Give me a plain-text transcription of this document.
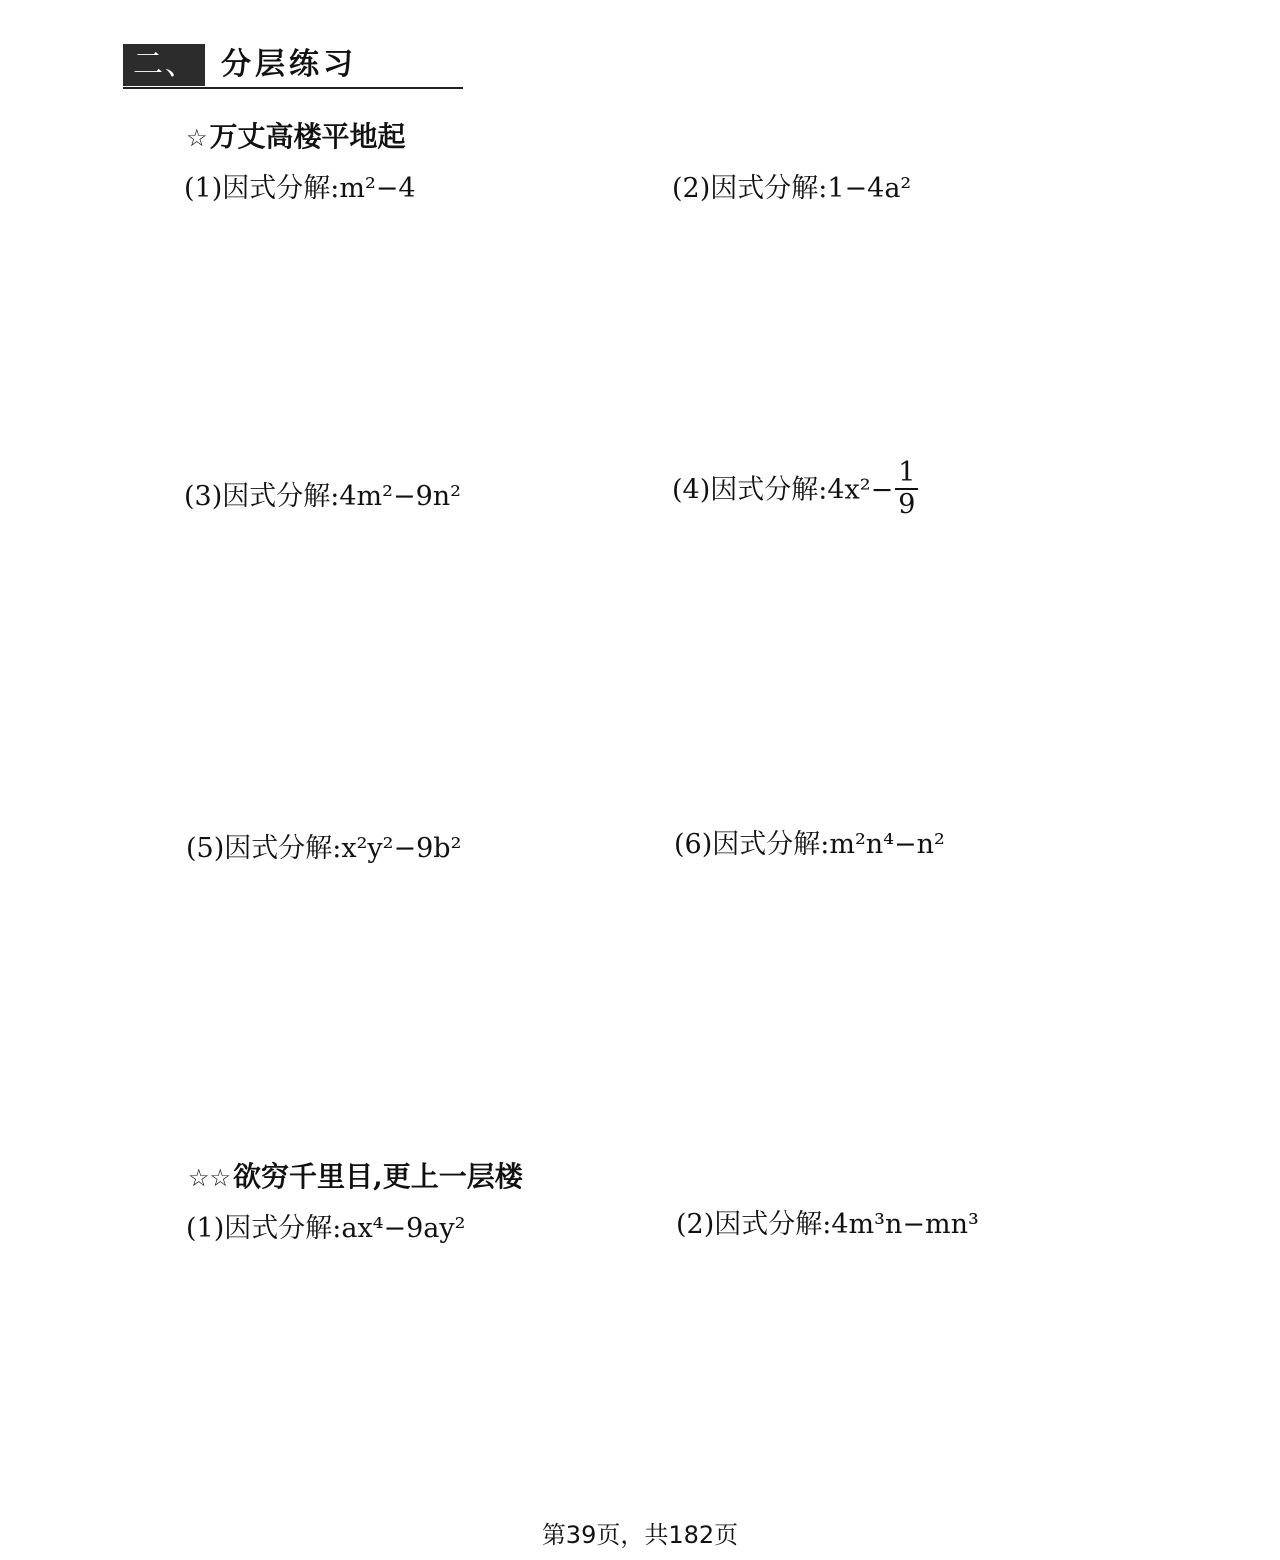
二、 分层练习
☆万丈高楼平地起
(1)因式分解:m²−4	(2)因式分解:1−4a²
(3)因式分解:4m²−9n²	(4)因式分解:4x²− $\frac{1}{9}$
(5)因式分解:x²y²−9b²	(6)因式分解:m²n⁴−n²
☆☆欲穷千里目,更上一层楼
(1)因式分解:ax⁴−9ay²	(2)因式分解:4m³n−mn³
第39页，共182页
